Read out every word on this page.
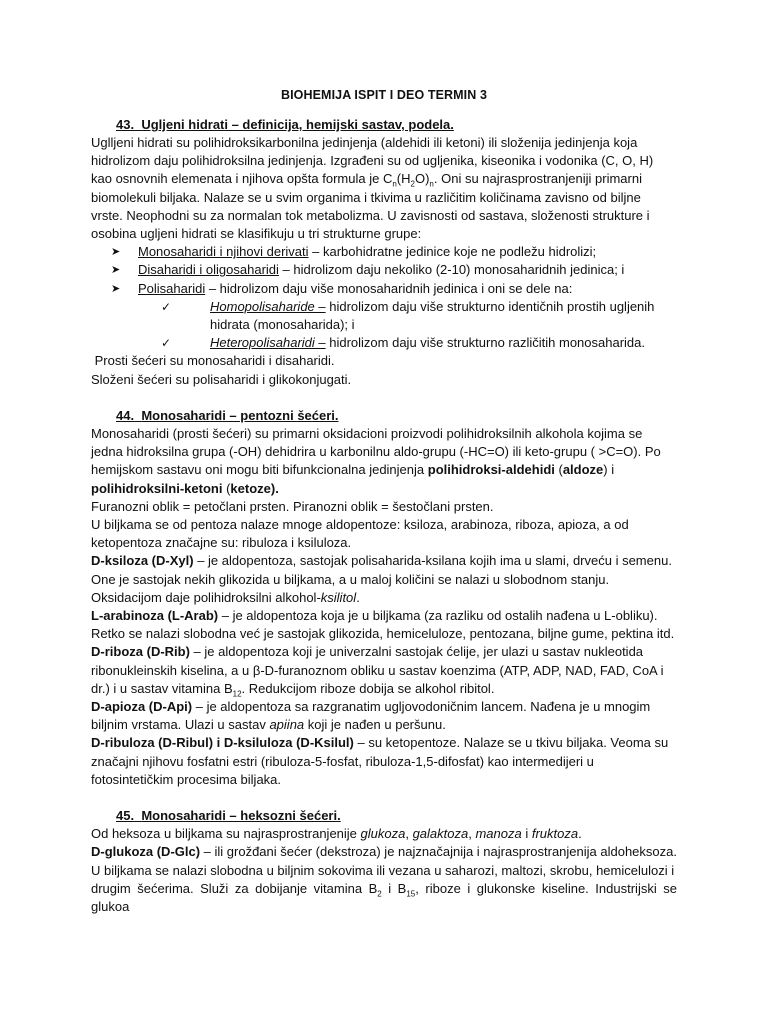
BIOHEMIJA ISPIT I DEO TERMIN 3
43. Ugljeni hidrati – definicija, hemijski sastav, podela.

Uglljeni hidrati su polihidroksikarbonilna jedinjenja (aldehidi ili ketoni) ili složenija jedinjenja koja

hidrolizom daju polihidroksilna jedinjenja. Izgrađeni su od ugljenika, kiseonika i vodonika (C, O, H)

kao osnovnih elemenata i njihova opšta formula je $C_n(H_2O)_n$. Oni su najrasprostranjeniji primarni

biomolekuli biljaka. Nalaze se u svim organima i tkivima u različitim količinama zavisno od biljne

vrste. Neophodni su za normalan tok metabolizma. U zavisnosti od sastava, složenosti strukture i

osobina ugljeni hidrati se klasifikuju u tri strukturne grupe:

➤ Monosaharidi i njihovi derivati – karbohidratne jedinice koje ne podležu hidrolizi;
➤ Disaharidi i oligosaharidi – hidrolizom daju nekoliko (2-10) monosaharidnih jedinica; i
➤ Polisaharidi – hidrolizom daju više monosaharidnih jedinica i oni se dele na:
✓	Homopolisaharide – hidrolizom daju više strukturno identičnih prostih ugljenih
hidrata (monosaharida); i
✓	Heteropolisaharidi – hidrolizom daju više strukturno različitih monosaharida.

Prosti šećeri su monosaharidi i disaharidi.

Složeni šećeri su polisaharidi i glikokonjugati.

44. Monosaharidi – pentozni šećeri.

Monosaharidi (prosti šećeri) su primarni oksidacioni proizvodi polihidroksilnih alkohola kojima se

jedna hidroksilna grupa (-OH) dehidrira u karbonilnu aldo-grupu (-HC=O) ili keto-grupu ( >C=O). Po

hemijskom sastavu oni mogu biti bifunkcionalna jedinjenja polihidroksi-aldehidi (aldoze) i

polihidroksilni-ketoni (ketoze).

Furanozni oblik = petočlani prsten. Piranozni oblik = šestočlani prsten.

U biljkama se od pentoza nalaze mnoge aldopentoze: ksiloza, arabinoza, riboza, apioza, a od

ketopentoza značajne su: ribuloza i ksiluloza.

D-ksiloza (D-Xyl) – je aldopentoza, sastojak polisaharida-ksilana kojih ima u slami, drveću i semenu.

One je sastojak nekih glikozida u biljkama, a u maloj količini se nalazi u slobodnom stanju.

Oksidacijom daje polihidroksilni alkohol-ksilitol.

L-arabinoza (L-Arab) – je aldopentoza koja je u biljkama (za razliku od ostalih nađena u L-obliku).

Retko se nalazi slobodna već je sastojak glikozida, hemiceluloze, pentozana, biljne gume, pektina itd.

D-riboza (D-Rib) – je aldopentoza koji je univerzalni sastojak ćelije, jer ulazi u sastav nukleotida

ribonukleinskih kiselina, a u β-D-furanoznom obliku u sastav koenzima (ATP, ADP, NAD, FAD, CoA i

dr.) i u sastav vitamina $B_{12}$. Redukcijom riboze dobija se alkohol ribitol.

D-apioza (D-Api) – je aldopentoza sa razgranatim ugljovodoničnim lancem. Nađena je u mnogim

biljnim vrstama. Ulazi u sastav apiina koji je nađen u peršunu.

D-ribuloza (D-Ribul) i D-ksiluloza (D-Ksilul) – su ketopentoze. Nalaze se u tkivu biljaka. Veoma su

značajni njihovu fosfatni estri (ribuloza-5-fosfat, ribuloza-1,5-difosfat) kao intermedijeri u

fotosintetičkim procesima biljaka.

45. Monosaharidi – heksozni šećeri.

Od heksoza u biljkama su najrasprostranjenije glukoza, galaktoza, manoza i fruktoza.

D-glukoza (D-Glc) – ili grožđani šećer (dekstroza) je najznačajnija i najrasprostranjenija aldoheksoza.

U biljkama se nalazi slobodna u biljnim sokovima ili vezana u saharozi, maltozi, skrobu, hemicelulozi i

drugim šećerima. Služi za dobijanje vitamina $B_2$ i $B_{15}$, riboze i glukonske kiseline. Industrijski se glukoa
